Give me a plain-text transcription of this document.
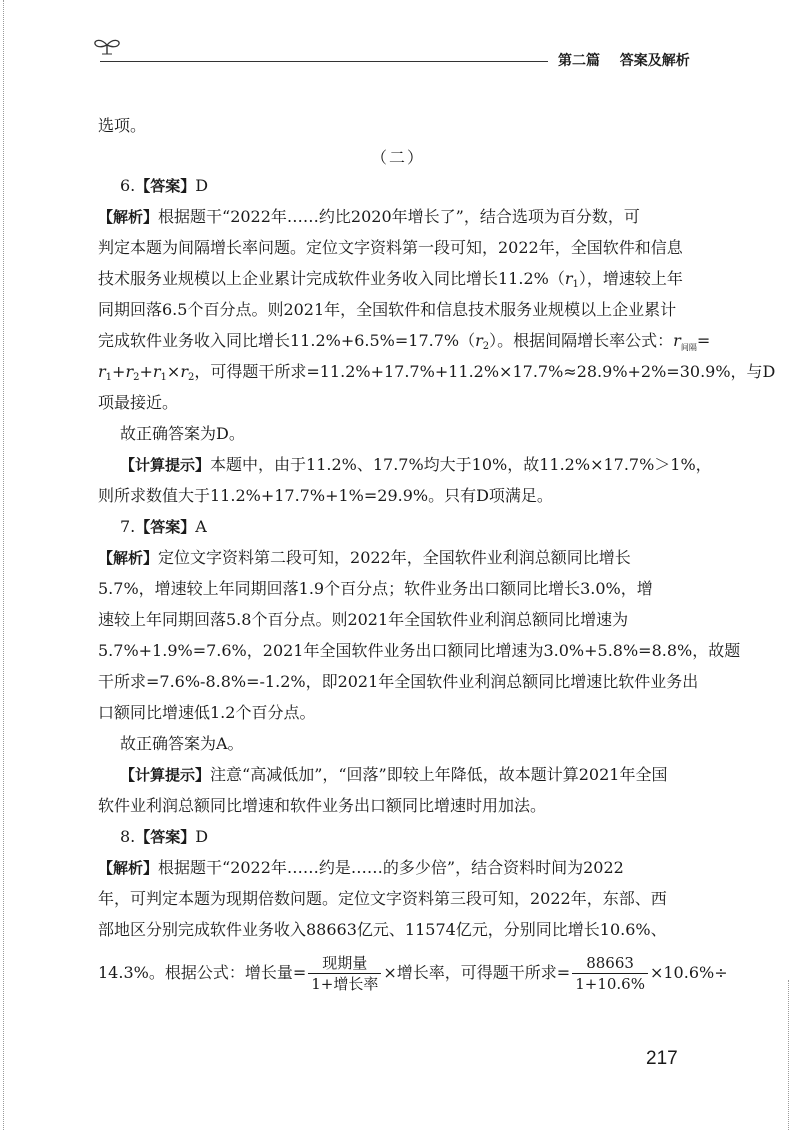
第二篇 答案及解析
选项。
（二）
6.【答案】D
【解析】根据题干“2022年……约比2020年增长了”，结合选项为百分数，可
判定本题为间隔增长率问题。定位文字资料第一段可知，2022年，全国软件和信息
技术服务业规模以上企业累计完成软件业务收入同比增长$11.2\%(r_1)$，增速较上年
同期回落6.5个百分点。则2021年，全国软件和信息技术服务业规模以上企业累计
完成软件业务收入同比增长$11.2\%+6.5\%=17.7\%(r_2)$。根据间隔增长率公式：$r_{间隔}=$
$r_1+r_2+r_1\times r_2$，可得题干所求=11.2%+17.7%+11.2%×17.7%≈28.9%+2%=30.9%，与D
项最接近。
故正确答案为D。
【计算提示】本题中，由于11.2%、17.7%均大于10%，故11.2%×17.7%＞1%，
则所求数值大于11.2%+17.7%+1%=29.9%。只有D项满足。
7.【答案】A
【解析】定位文字资料第二段可知，2022年，全国软件业利润总额同比增长
5.7%，增速较上年同期回落1.9个百分点；软件业务出口额同比增长3.0%，增
速较上年同期回落5.8个百分点。则2021年全国软件业利润总额同比增速为
5.7%+1.9%=7.6%，2021年全国软件业务出口额同比增速为3.0%+5.8%=8.8%，故题
干所求=7.6%-8.8%=-1.2%，即2021年全国软件业利润总额同比增速比软件业务出
口额同比增速低1.2个百分点。
故正确答案为A。
【计算提示】注意“高减低加”，“回落”即较上年降低，故本题计算2021年全国
软件业利润总额同比增速和软件业务出口额同比增速时用加法。
8.【答案】D
【解析】根据题干“2022年……约是……的多少倍”，结合资料时间为2022
年，可判定本题为现期倍数问题。定位文字资料第三段可知，2022年，东部、西
部地区分别完成软件业务收入88663亿元、11574亿元，分别同比增长10.6%、
14.3%。根据公式：增长量= $\frac{\text{现期量}}{\text{1+增长率}}$ ×增长率，可得题干所求= $\frac{88663}{1+10.6\%} \times 10.6\%\div$
217
